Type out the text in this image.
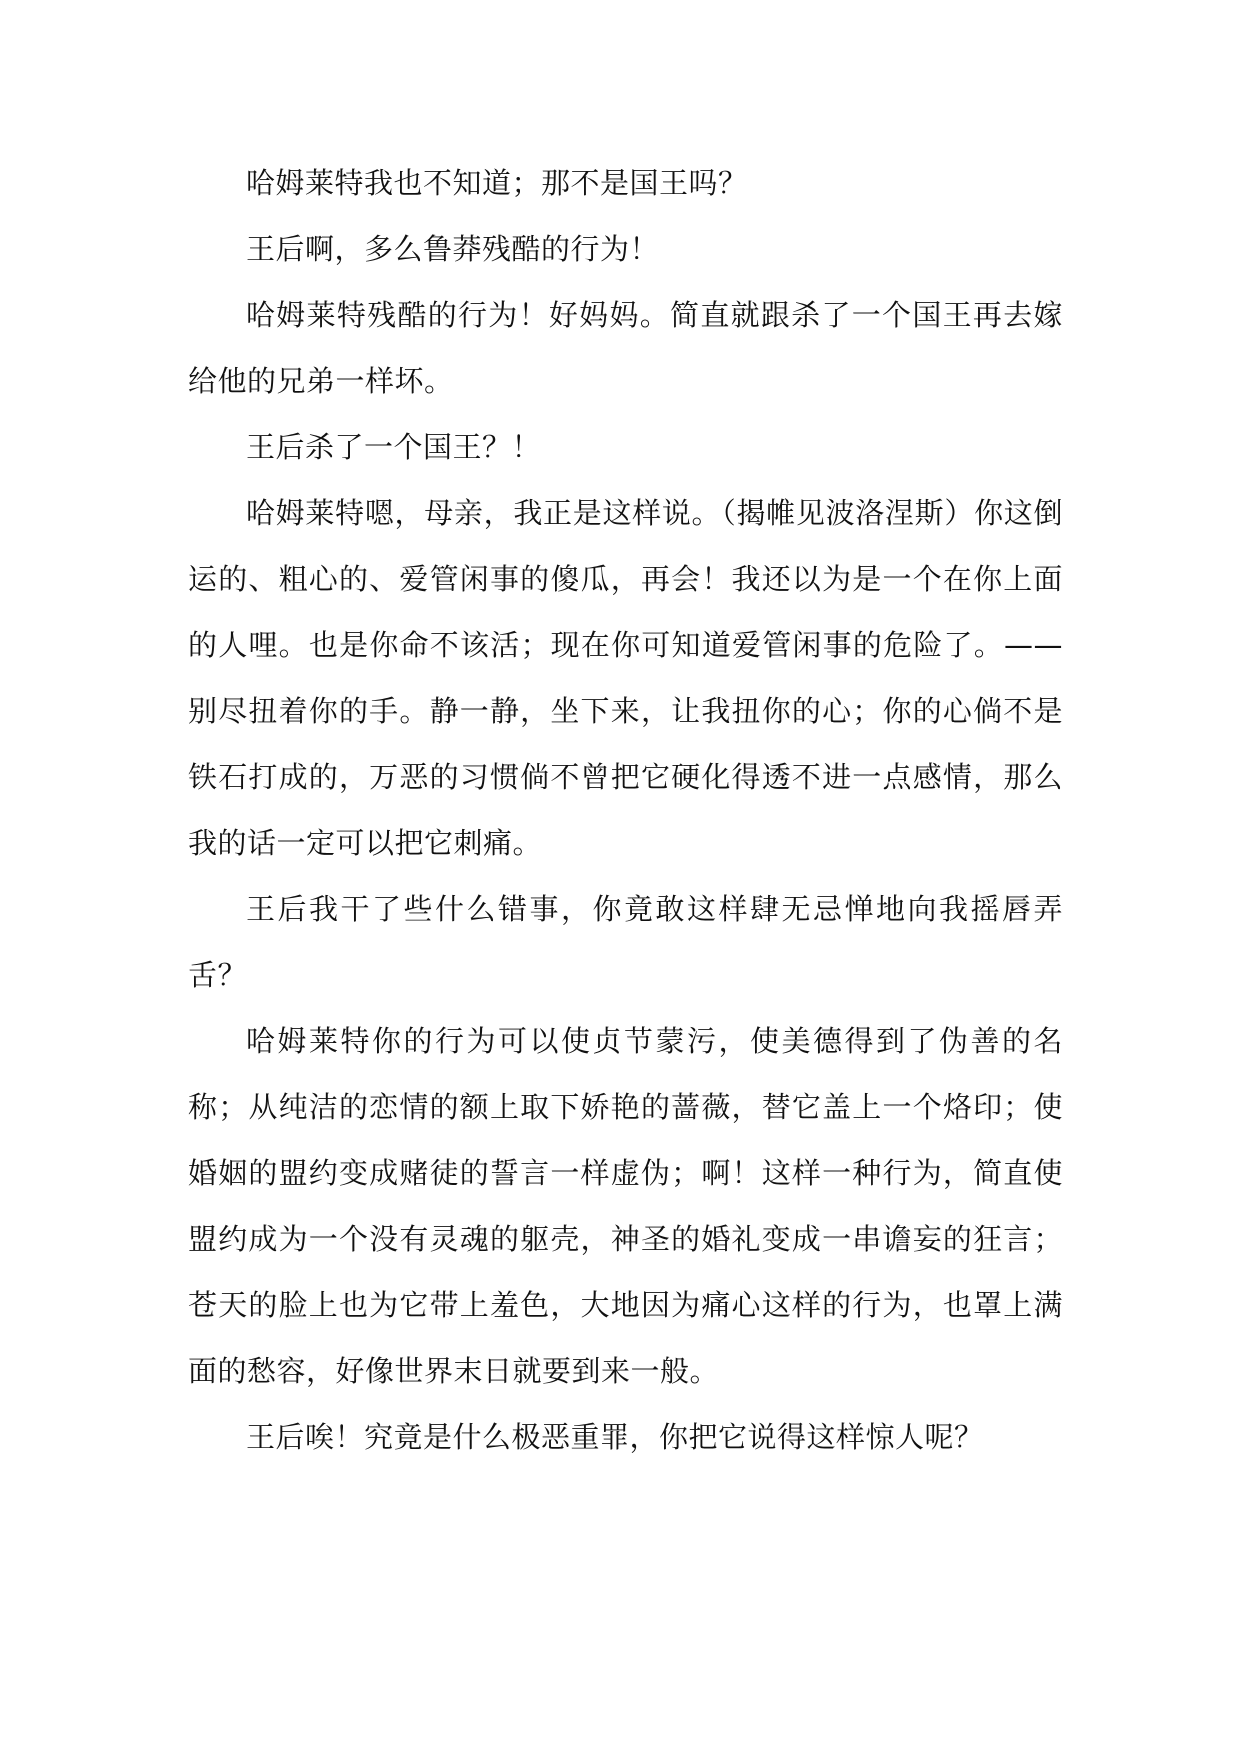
哈姆莱特我也不知道；那不是国王吗？

王后啊，多么鲁莽残酷的行为！

哈姆莱特残酷的行为！好妈妈。简直就跟杀了一个国王再去嫁给他的兄弟一样坏。

王后杀了一个国王？！

哈姆莱特嗯，母亲，我正是这样说。（揭帷见波洛涅斯）你这倒运的、粗心的、爱管闲事的傻瓜，再会！我还以为是一个在你上面的人哩。也是你命不该活；现在你可知道爱管闲事的危险了。——别尽扭着你的手。静一静，坐下来，让我扭你的心；你的心倘不是铁石打成的，万恶的习惯倘不曾把它硬化得透不进一点感情，那么我的话一定可以把它刺痛。

王后我干了些什么错事，你竟敢这样肆无忌惮地向我摇唇弄舌？

哈姆莱特你的行为可以使贞节蒙污，使美德得到了伪善的名称；从纯洁的恋情的额上取下娇艳的蔷薇，替它盖上一个烙印；使婚姻的盟约变成赌徒的誓言一样虚伪；啊！这样一种行为，简直使盟约成为一个没有灵魂的躯壳，神圣的婚礼变成一串谵妄的狂言；苍天的脸上也为它带上羞色，大地因为痛心这样的行为，也罩上满面的愁容，好像世界末日就要到来一般。

王后唉！究竟是什么极恶重罪，你把它说得这样惊人呢？
